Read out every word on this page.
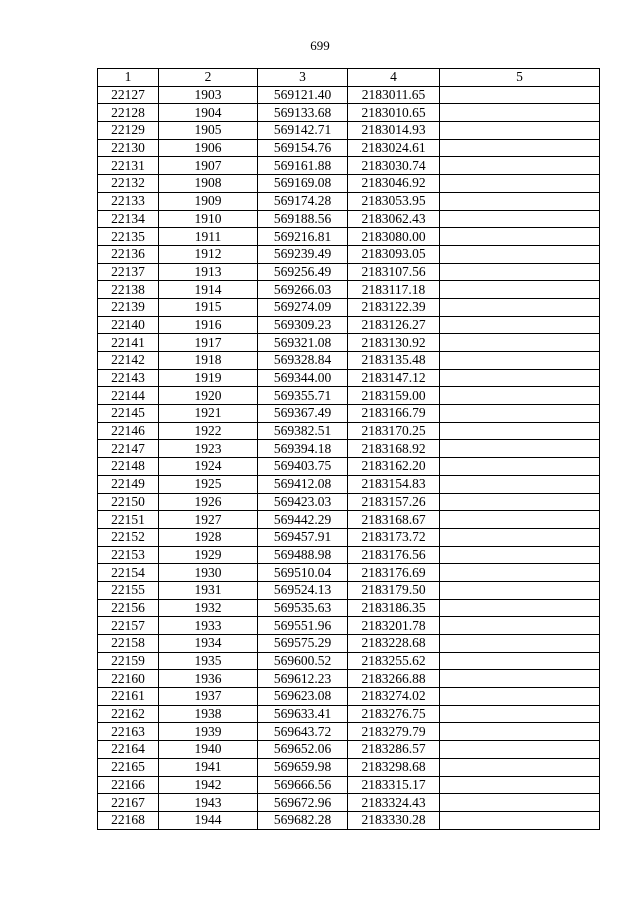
699
1	2	3	4	5
22127	1903	569121.40	2183011.65	
22128	1904	569133.68	2183010.65	
22129	1905	569142.71	2183014.93	
22130	1906	569154.76	2183024.61	
22131	1907	569161.88	2183030.74	
22132	1908	569169.08	2183046.92	
22133	1909	569174.28	2183053.95	
22134	1910	569188.56	2183062.43	
22135	1911	569216.81	2183080.00	
22136	1912	569239.49	2183093.05	
22137	1913	569256.49	2183107.56	
22138	1914	569266.03	2183117.18	
22139	1915	569274.09	2183122.39	
22140	1916	569309.23	2183126.27	
22141	1917	569321.08	2183130.92	
22142	1918	569328.84	2183135.48	
22143	1919	569344.00	2183147.12	
22144	1920	569355.71	2183159.00	
22145	1921	569367.49	2183166.79	
22146	1922	569382.51	2183170.25	
22147	1923	569394.18	2183168.92	
22148	1924	569403.75	2183162.20	
22149	1925	569412.08	2183154.83	
22150	1926	569423.03	2183157.26	
22151	1927	569442.29	2183168.67	
22152	1928	569457.91	2183173.72	
22153	1929	569488.98	2183176.56	
22154	1930	569510.04	2183176.69	
22155	1931	569524.13	2183179.50	
22156	1932	569535.63	2183186.35	
22157	1933	569551.96	2183201.78	
22158	1934	569575.29	2183228.68	
22159	1935	569600.52	2183255.62	
22160	1936	569612.23	2183266.88	
22161	1937	569623.08	2183274.02	
22162	1938	569633.41	2183276.75	
22163	1939	569643.72	2183279.79	
22164	1940	569652.06	2183286.57	
22165	1941	569659.98	2183298.68	
22166	1942	569666.56	2183315.17	
22167	1943	569672.96	2183324.43	
22168	1944	569682.28	2183330.28	
